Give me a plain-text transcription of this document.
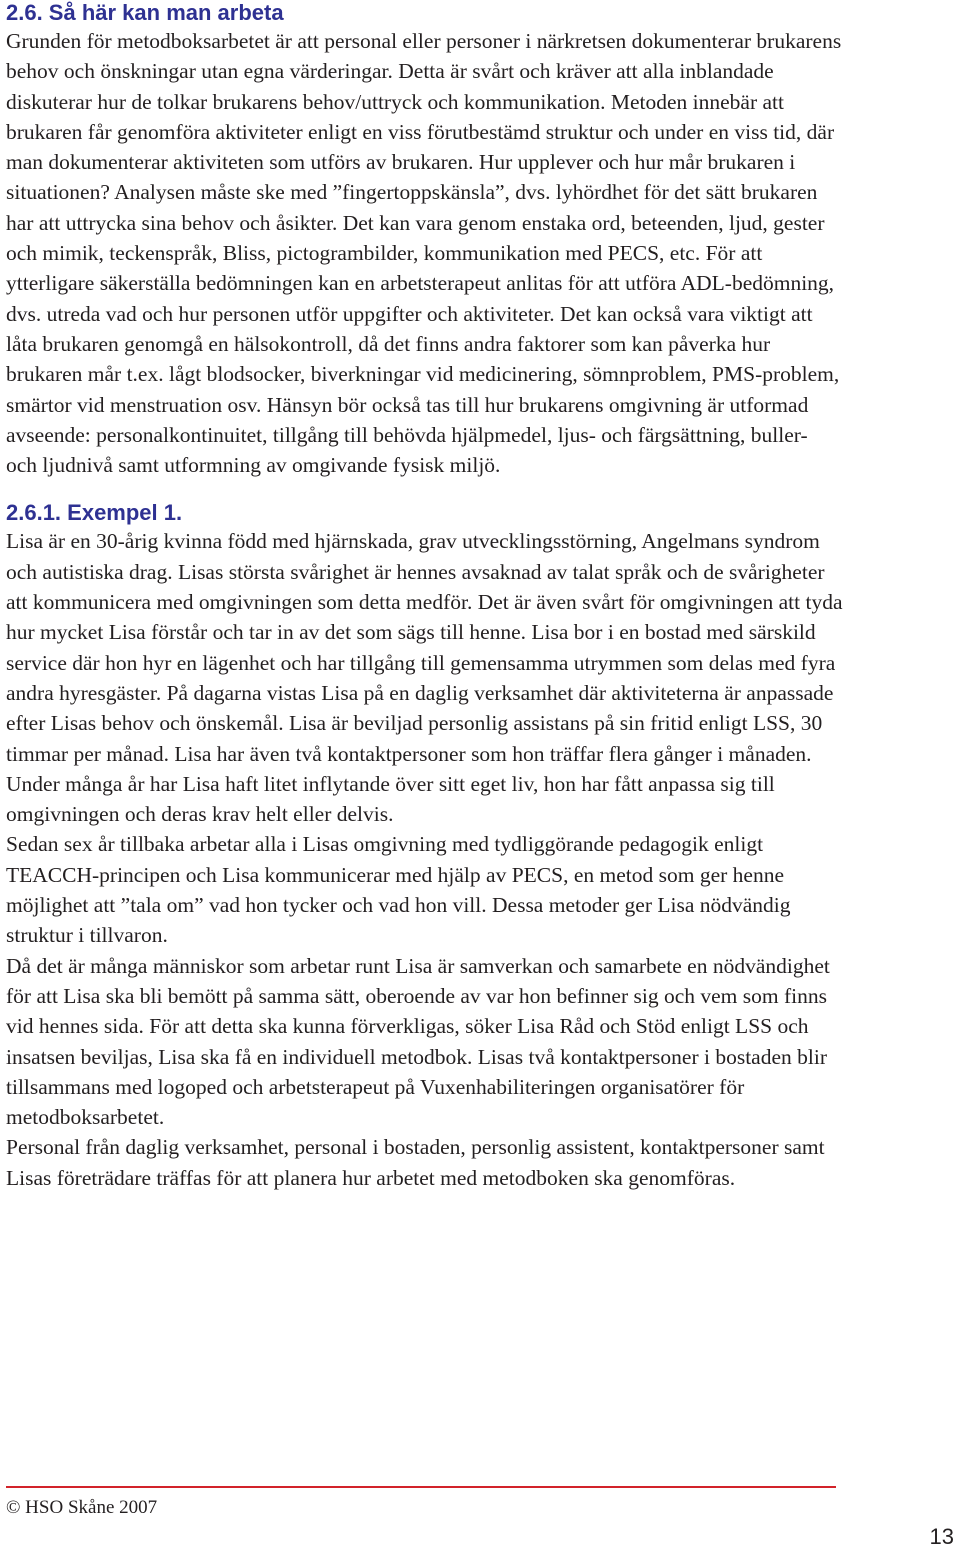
2.6. Så här kan man arbeta

Grunden för metodboksarbetet är att personal eller personer i närkretsen dokumenterar brukarens behov och önskningar utan egna värderingar. Detta är svårt och kräver att alla inblandade diskuterar hur de tolkar brukarens behov/uttryck och kommunikation. Metoden innebär att brukaren får genomföra aktiviteter enligt en viss förutbestämd struktur och under en viss tid, där man dokumenterar aktiviteten som utförs av brukaren. Hur upplever och hur mår brukaren i situationen? Analysen måste ske med ”fingertoppskänsla”, dvs. lyhördhet för det sätt brukaren har att uttrycka sina behov och åsikter. Det kan vara genom enstaka ord, beteenden, ljud, gester och mimik, teckenspråk, Bliss, pictogrambilder, kommunikation med PECS, etc. För att ytterligare säkerställa bedömningen kan en arbetsterapeut anlitas för att utföra ADL-bedömning, dvs. utreda vad och hur personen utför uppgifter och aktiviteter. Det kan också vara viktigt att låta brukaren genomgå en hälsokontroll, då det finns andra faktorer som kan påverka hur brukaren mår t.ex. lågt blodsocker, biverkningar vid medicinering, sömnproblem, PMS-problem, smärtor vid menstruation osv. Hänsyn bör också tas till hur brukarens omgivning är utformad avseende: personalkontinuitet, tillgång till behövda hjälpmedel, ljus- och färgsättning, buller- och ljudnivå samt utformning av omgivande fysisk miljö.

2.6.1. Exempel 1.

Lisa är en 30-årig kvinna född med hjärnskada, grav utvecklingsstörning, Angelmans syndrom och autistiska drag. Lisas största svårighet är hennes avsaknad av talat språk och de svårigheter att kommunicera med omgivningen som detta medför. Det är även svårt för omgivningen att tyda hur mycket Lisa förstår och tar in av det som sägs till henne. Lisa bor i en bostad med särskild service där hon hyr en lägenhet och har tillgång till gemensamma utrymmen som delas med fyra andra hyresgäster. På dagarna vistas Lisa på en daglig verksamhet där aktiviteterna är anpassade efter Lisas behov och önskemål. Lisa är beviljad personlig assistans på sin fritid enligt LSS, 30 timmar per månad. Lisa har även två kontaktpersoner som hon träffar flera gånger i månaden. Under många år har Lisa haft litet inflytande över sitt eget liv, hon har fått anpassa sig till omgivningen och deras krav helt eller delvis.

Sedan sex år tillbaka arbetar alla i Lisas omgivning med tydliggörande pedagogik enligt TEACCH-principen och Lisa kommunicerar med hjälp av PECS, en metod som ger henne möjlighet att ”tala om” vad hon tycker och vad hon vill. Dessa metoder ger Lisa nödvändig struktur i tillvaron.

Då det är många människor som arbetar runt Lisa är samverkan och samarbete en nödvändighet för att Lisa ska bli bemött på samma sätt, oberoende av var hon befinner sig och vem som finns vid hennes sida. För att detta ska kunna förverkligas, söker Lisa Råd och Stöd enligt LSS och insatsen beviljas, Lisa ska få en individuell metodbok. Lisas två kontaktpersoner i bostaden blir tillsammans med logoped och arbetsterapeut på Vuxenhabiliteringen organisatörer för metodboksarbetet.

Personal från daglig verksamhet, personal i bostaden, personlig assistent, kontaktpersoner samt Lisas företrädare träffas för att planera hur arbetet med metodboken ska genomföras.

© HSO Skåne 2007
13
